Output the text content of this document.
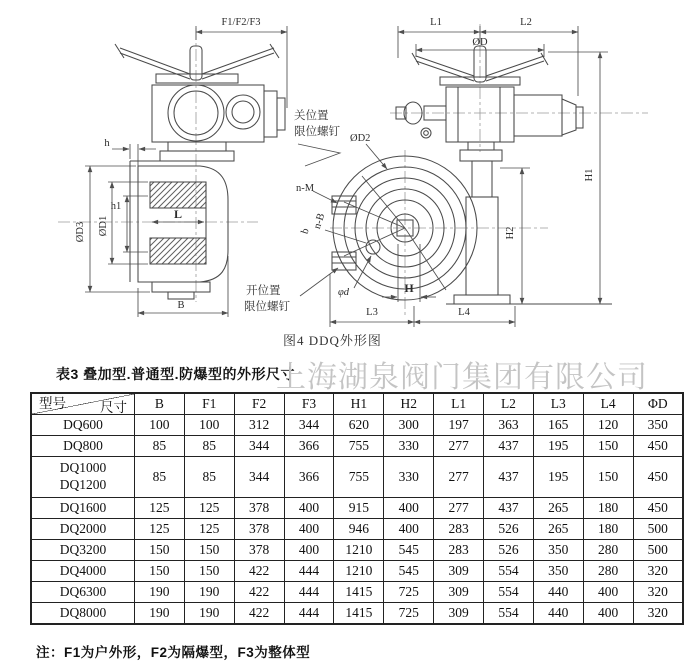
F1/F2/F3
h
h1
ØD3 ØD1
L
B
L1	L2
ØD
关位置
限位螺钉
ØD2
n-M
b
n-B
开位置
限位螺钉
φd	H
L3	L4
H2
H1
图4 DDQ外形图
上海湖泉阀门集团有限公司
表3 叠加型.普通型.防爆型的外形尺寸
尺寸
型号	B	F1	F2	F3	H1	H2	L1	L2	L3	L4	ΦD

DQ600	100	100	312	344	620	300	197	363	165	120	350

DQ800	85	85	344	366	755	330	277	437	195	150	450

DQ1000
DQ1200	85	85	344	366	755	330	277	437	195	150	450

DQ1600	125	125	378	400	915	400	277	437	265	180	450

DQ2000	125	125	378	400	946	400	283	526	265	180	500

DQ3200	150	150	378	400	1210	545	283	526	350	280	500

DQ4000	150	150	422	444	1210	545	309	554	350	280	320

DQ6300	190	190	422	444	1415	725	309	554	440	400	320

DQ8000	190	190	422	444	1415	725	309	554	440	400	320
注：F1为户外形，F2为隔爆型，F3为整体型
